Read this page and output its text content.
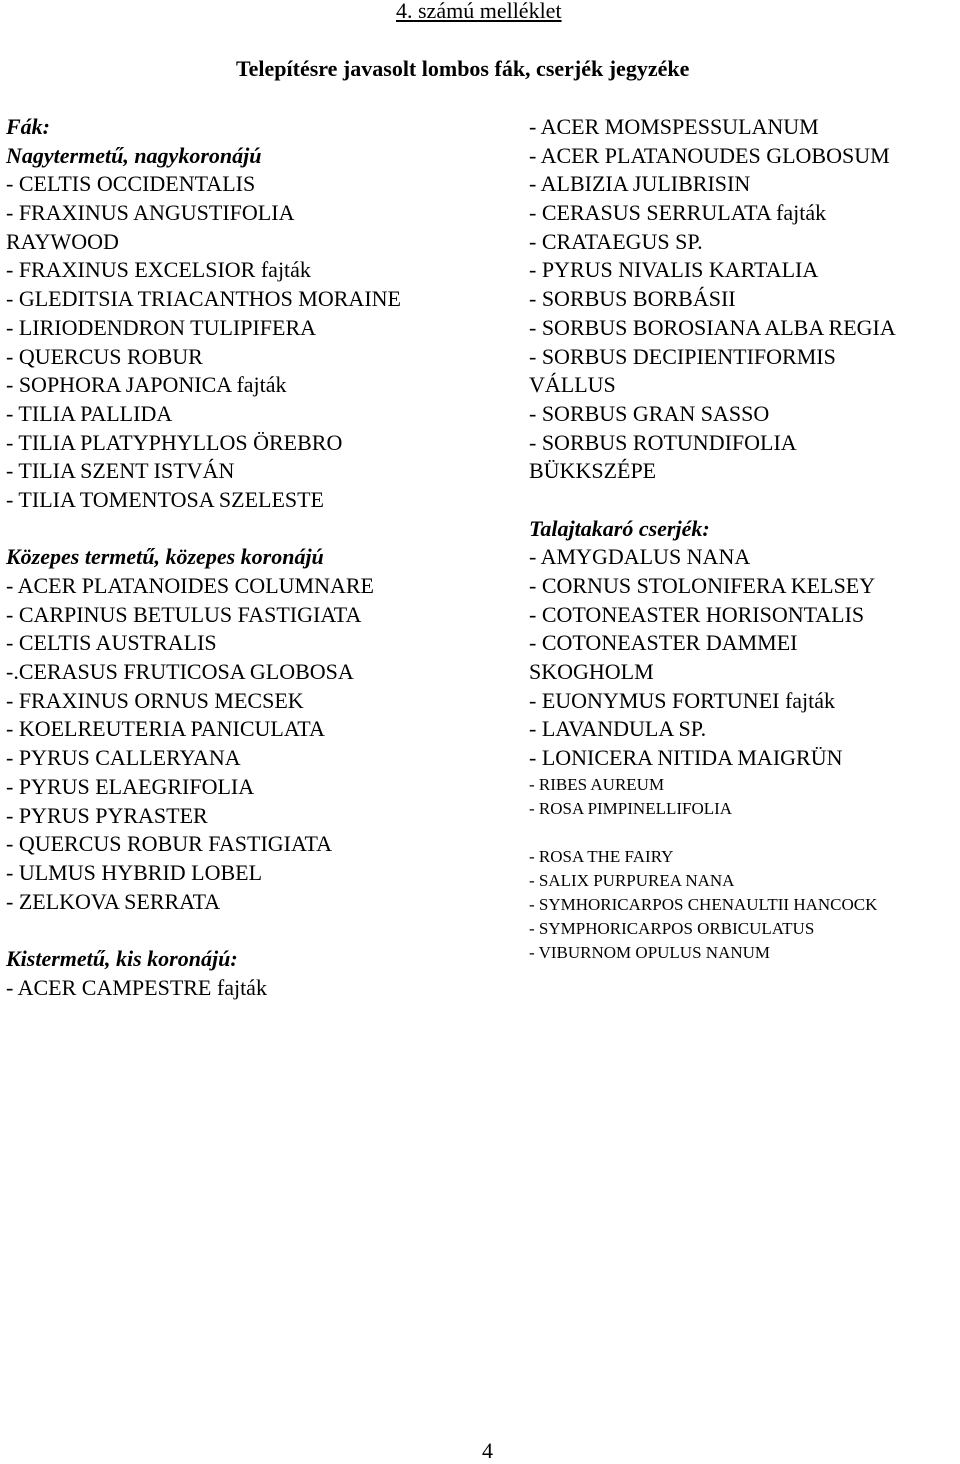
4. számú melléklet
Telepítésre javasolt lombos fák, cserjék jegyzéke
Fák:
Nagytermetű, nagykoronájú
- CELTIS OCCIDENTALIS
- FRAXINUS ANGUSTIFOLIA
RAYWOOD
- FRAXINUS EXCELSIOR fajták
- GLEDITSIA TRIACANTHOS MORAINE
- LIRIODENDRON TULIPIFERA
- QUERCUS ROBUR
- SOPHORA JAPONICA fajták
- TILIA PALLIDA
- TILIA PLATYPHYLLOS ÖREBRO
- TILIA SZENT ISTVÁN
- TILIA TOMENTOSA SZELESTE
Közepes termetű, közepes koronájú
- ACER PLATANOIDES COLUMNARE
- CARPINUS BETULUS FASTIGIATA
- CELTIS AUSTRALIS
-.CERASUS FRUTICOSA GLOBOSA
- FRAXINUS ORNUS MECSEK
- KOELREUTERIA PANICULATA
- PYRUS CALLERYANA
- PYRUS ELAEGRIFOLIA
- PYRUS PYRASTER
- QUERCUS ROBUR FASTIGIATA
- ULMUS HYBRID LOBEL
- ZELKOVA SERRATA
Kistermetű, kis koronájú:
- ACER CAMPESTRE fajták
- ACER MOMSPESSULANUM
- ACER PLATANOUDES GLOBOSUM
- ALBIZIA JULIBRISIN
- CERASUS SERRULATA fajták
- CRATAEGUS SP.
- PYRUS NIVALIS KARTALIA
- SORBUS BORBÁSII
- SORBUS BOROSIANA ALBA REGIA
- SORBUS DECIPIENTIFORMIS
VÁLLUS
- SORBUS GRAN SASSO
- SORBUS ROTUNDIFOLIA
BÜKKSZÉPE
Talajtakaró cserjék:
- AMYGDALUS NANA
- CORNUS STOLONIFERA KELSEY
- COTONEASTER HORISONTALIS
- COTONEASTER DAMMEI
SKOGHOLM
- EUONYMUS FORTUNEI fajták
- LAVANDULA SP.
- LONICERA NITIDA MAIGRÜN
- RIBES AUREUM
- ROSA PIMPINELLIFOLIA
- ROSA THE FAIRY
- SALIX PURPUREA NANA
- SYMHORICARPOS CHENAULTII HANCOCK
- SYMPHORICARPOS ORBICULATUS
- VIBURNOM OPULUS NANUM
4
